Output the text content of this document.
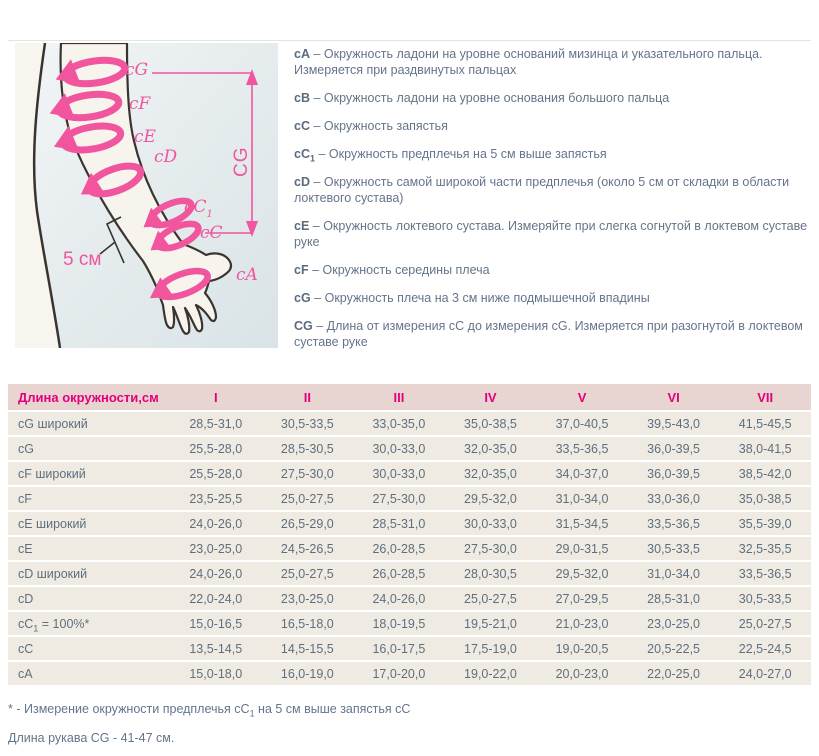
CG
cG
cF
cE
cD
$cC_1$
cC
cA
5 см

cA – Окружность ладони на уровне оснований мизинца и указательного пальца. Измеряется при раздвинутых пальцах

cB – Окружность ладони на уровне основания большого пальца

cC – Окружность запястья

$cC_1$ – Окружность предплечья на 5 см выше запястья

cD – Окружность самой широкой части предплечья (около 5 см от складки в области локтевого сустава)

cE – Окружность локтевого сустава. Измеряйте при слегка согнутой в локтевом суставе руке

cF – Окружность середины плеча

cG – Окружность плеча на 3 см ниже подмышечной впадины

CG – Длина от измерения cC до измерения cG. Измеряется при разогнутой в локтевом суставе руке

Длина окружности,см	I	II	III	IV	V	VI	VII
cG широкий	28,5-31,0	30,5-33,5	33,0-35,0	35,0-38,5	37,0-40,5	39,5-43,0	41,5-45,5
cG	25,5-28,0	28,5-30,5	30,0-33,0	32,0-35,0	33,5-36,5	36,0-39,5	38,0-41,5
cF широкий	25,5-28,0	27,5-30,0	30,0-33,0	32,0-35,0	34,0-37,0	36,0-39,5	38,5-42,0
cF	23,5-25,5	25,0-27,5	27,5-30,0	29,5-32,0	31,0-34,0	33,0-36,0	35,0-38,5
cE широкий	24,0-26,0	26,5-29,0	28,5-31,0	30,0-33,0	31,5-34,5	33,5-36,5	35,5-39,0
cE	23,0-25,0	24,5-26,5	26,0-28,5	27,5-30,0	29,0-31,5	30,5-33,5	32,5-35,5
cD широкий	24,0-26,0	25,0-27,5	26,0-28,5	28,0-30,5	29,5-32,0	31,0-34,0	33,5-36,5
cD	22,0-24,0	23,0-25,0	24,0-26,0	25,0-27,5	27,0-29,5	28,5-31,0	30,5-33,5
$cC_1 = 100\%*$	15,0-16,5	16,5-18,0	18,0-19,5	19,5-21,0	21,0-23,0	23,0-25,0	25,0-27,5
cC	13,5-14,5	14,5-15,5	16,0-17,5	17,5-19,0	19,0-20,5	20,5-22,5	22,5-24,5
cA	15,0-18,0	16,0-19,0	17,0-20,0	19,0-22,0	20,0-23,0	22,0-25,0	24,0-27,0

* - Измерение окружности предплечья $cC_1$ на 5 см выше запястья cC

Длина рукава CG - 41-47 см.
